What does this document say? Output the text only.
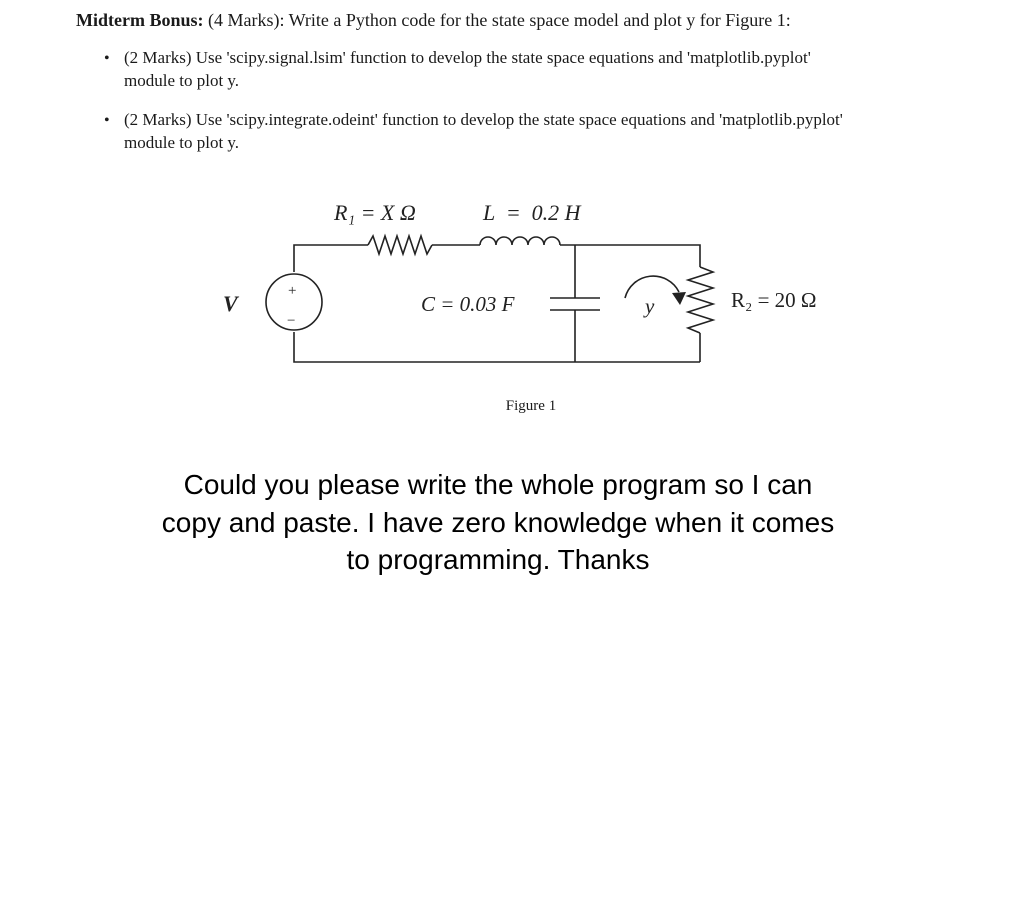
Midterm Bonus: (4 Marks): Write a Python code for the state space model and plot y for Figure 1:
• (2 Marks) Use 'scipy.signal.lsim' function to develop the state space equations and 'matplotlib.pyplot'
module to plot y.
• (2 Marks) Use 'scipy.integrate.odeint' function to develop the state space equations and 'matplotlib.pyplot'
module to plot y.
R₁ = X Ω	L  =  0.2 H
V	+
−
C = 0.03 F	y	R₂ = 20 Ω
Figure 1
Could you please write the whole program so I can copy and paste. I have zero knowledge when it comes to programming. Thanks
